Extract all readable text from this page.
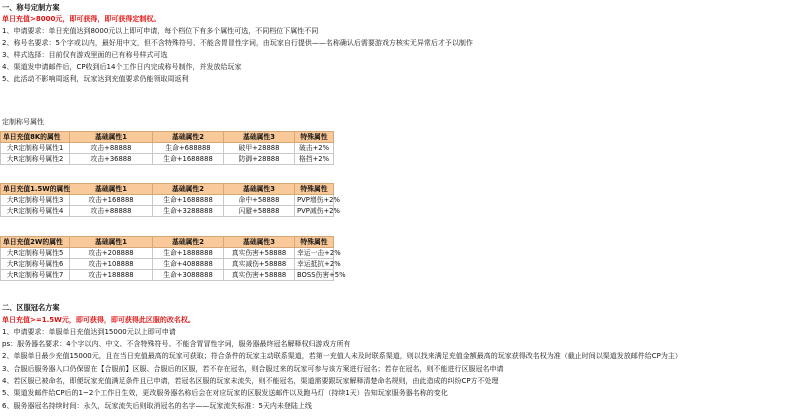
一、称号定制方案
单日充值>8000元，即可获得，即可获得定制权。
1、申请要求：单日充值达到8000元以上即可申请，每个档位下有多个属性可选，不同档位下属性不同
2、称号名要求：5个字或以内，最好用中文，但不含特殊符号、不能含胃冒性字词，由玩家自行提供——名称确认后需要游戏方核实无异常后才予以制作
3、样式选择：目前仅有游戏里面的已有称号样式可选
4、渠道发申请邮件后，CP收到后14个工作日内完成称号制作，并发放给玩家
5、此活动不影响周返利，玩家达到充值要求仍能领取周返利
定制称号属性
单日充值8K的属性	基础属性1	基础属性2	基础属性3	特殊属性
大R定制称号属性1	攻击+88888	生命+688888	破甲+28888	破击+2%
大R定制称号属性2	攻击+36888	生命+1688888	防御+28888	格挡+2%
单日充值1.5W的属性	基础属性1	基础属性2	基础属性3	特殊属性
大R定制称号属性3	攻击+168888	生命+1688888	命中+58888	PVP增伤+2%
大R定制称号属性4	攻击+88888	生命+3288888	闪避+58888	PVP减伤+2%
单日充值2W的属性	基础属性1	基础属性2	基础属性3	特殊属性
大R定制称号属性5	攻击+208888	生命+1888888	真实伤害+58888	幸运一击+2%
大R定制称号属性6	攻击+108888	生命+4088888	真实减伤+58888	幸运抵抗+2%
大R定制称号属性7	攻击+188888	生命+3088888	真实伤害+58888	BOSS伤害+5%
二、区服冠名方案
单日充值>=1.5W元，即可获得，即可获得此区服的改名权。
1、申请要求：单服单日充值达到15000元以上即可申请
ps：服务器名要求：4个字以内、中文、不含特殊符号、不能含胃冒性字词，服务器最终冠名解释权归游戏方所有
2、单服单日最少充值15000元，且在当日充值最高的玩家可获取；符合条件的玩家主动联系渠道，若第一充值人未及时联系渠道，则以找来满足充值金额最高的玩家获得改名权为准（截止时间以渠道发放邮件给CP为主）
3、合服后服务器入口仍保留在【合服前】区服、合服后的区服，若不存在冠名，则合服过来的玩家可参与该方案进行冠名；若存在冠名，则不能进行区服冠名申请
4、若区服已被命名，即便玩家充值满足条件且已申请，若冠名区服的玩家未流失，则不能冠名，渠道需要跟玩家解释清楚命名规则，由此造成的纠纷CP方不处理
5、渠道发邮件给CP后的1~2个工作日生效，更改服务器名称后会在对应玩家的区服发送邮件以及跑马灯（持续1天）告知玩家服务器名称的变化
6、服务器冠名持续时间：永久，玩家流失后则取消冠名的名字——玩家流失标准：5天内未登陆上线
